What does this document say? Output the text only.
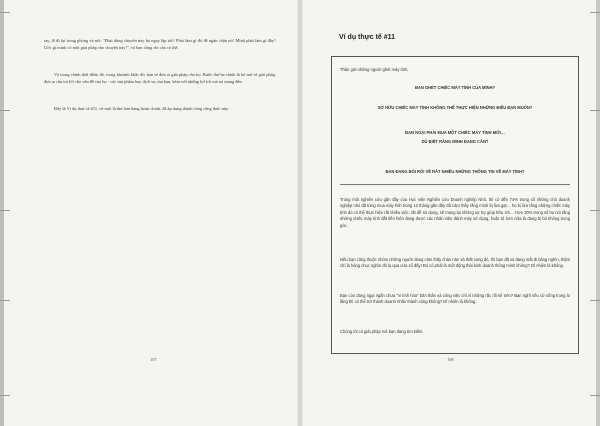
tay, đi đi lại trong phòng và nói: "Phải dùng chuyên này lại ngay lập tức! Phải làm gì đó để ngăn chặn nó! Mình phải làm gì đây? Ước gì mình có một giải pháp cho chuyện này!", và bạn cũng chỉ cần có thế.
Và trong chính thời điểm đó, trong khoảnh khắc đó, bạn sẽ đưa ra giải pháp cho họ. Bước thứ ba chính là bố mở về giải pháp, đưa ra câu trả lời cho vấn đề của họ - các sản phẩm hay dịch vụ của bạn, kèm với những lợi ích mà nó mang đến.
Đây là Ví dụ thực tế #11, về một lá thư bán hàng hoàn chỉnh, đã áp dụng thành công công thức này:
107
Ví dụ thực tế #11
Thân gửi những người ghét máy tính,
BẠN GHÉT CHIẾC MÁY TÍNH CỦA MÌNH?
SỞ HỮU CHIẾC MÁY TÍNH KHÔNG THỂ THỰC HIỆN NHỮNG ĐIỀU BẠN MUỐN?
BẠN NGẠI PHẢI MUA MỘT CHIẾC MÁY TÍNH MỚI…
DÙ BIẾT RẰNG MÌNH ĐANG CẦN?
BẠN ĐANG BỐI RỐI VỀ RẤT NHIỀU NHỮNG THÔNG TIN VỀ MÁY TÍNH?
Trong một nghiên cứu gần đây của Học viện Nghiên cứu Doanh nghiệp Nhỏ, thì có đến 74% trong số những chủ doanh nghiệp nhỏ đã từng mua máy tính trong 12 tháng gần đây đã cảm thấy rằng mình bị lừa gạt… họ bị lừa rằng những chiếc máy tính đó có thể thực hiện rất nhiều việc, rất dễ sử dụng, sẽ mang lại những sự trợ giúp hữu ích… Hơn 30% trong số họ nói rằng những chiếc máy tính đắt tiền hiện đang được các nhân viên đánh máy sử dụng, hoặc tệ hơn nữa là đang bị bỏ không trong góc.
Nếu bạn cũng thuộc nhóm những người đang cảm thấy chán nản và thất vọng đó, thì bạn đã và đang mất đi hàng nghìn, thậm chí là hàng chục nghìn đô la qua cửa sổ đấy! Đó có phải là một động thái kinh doanh thông minh không? Dĩ nhiên là không.
Bạn còn đang ngại ngần chưa "vi tính hóa" bản thân và công việc chỉ vì những rắc rối kể trên? Bạn nghĩ nếu cứ sống trong lo lắng thì có thể trở thành doanh nhân thành công không? Dĩ nhiên là không.
Chúng tôi có giải pháp mà bạn đang tìm kiếm.
108
